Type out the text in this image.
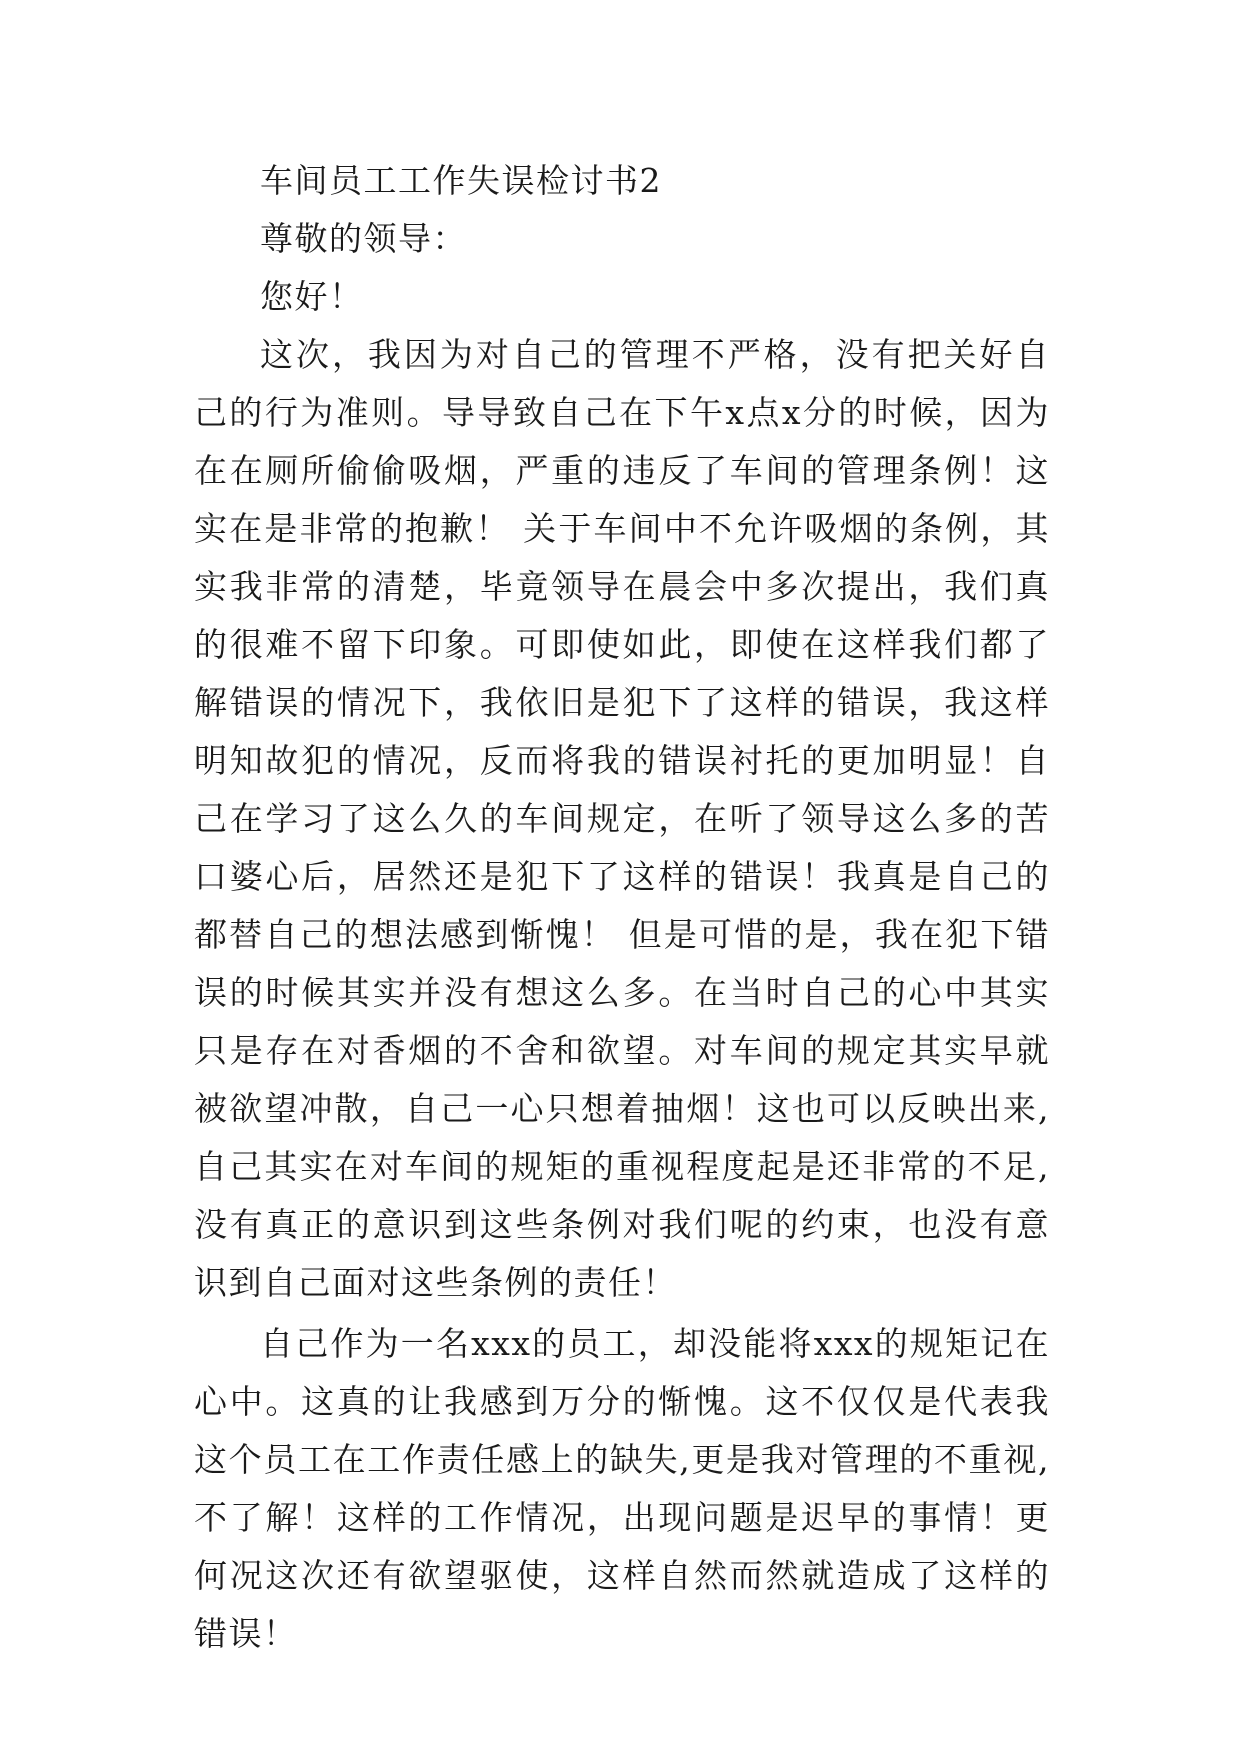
车间员工工作失误检讨书2

尊敬的领导：

您好！

这次，我因为对自己的管理不严格，没有把关好自己的行为准则。导导致自己在下午x点x分的时候，因为在在厕所偷偷吸烟，严重的违反了车间的管理条例！这实在是非常的抱歉！ 关于车间中不允许吸烟的条例，其实我非常的清楚，毕竟领导在晨会中多次提出，我们真的很难不留下印象。可即使如此，即使在这样我们都了解错误的情况下，我依旧是犯下了这样的错误，我这样明知故犯的情况，反而将我的错误衬托的更加明显！自己在学习了这么久的车间规定，在听了领导这么多的苦口婆心后，居然还是犯下了这样的错误！我真是自己的都替自己的想法感到惭愧！ 但是可惜的是，我在犯下错误的时候其实并没有想这么多。在当时自己的心中其实只是存在对香烟的不舍和欲望。对车间的规定其实早就被欲望冲散，自己一心只想着抽烟！这也可以反映出来,自己其实在对车间的规矩的重视程度起是还非常的不足,没有真正的意识到这些条例对我们呢的约束，也没有意识到自己面对这些条例的责任！

自己作为一名xxx的员工，却没能将xxx的规矩记在心中。这真的让我感到万分的惭愧。这不仅仅是代表我这个员工在工作责任感上的缺失,更是我对管理的不重视,不了解！这样的工作情况，出现问题是迟早的事情！更何况这次还有欲望驱使，这样自然而然就造成了这样的错误！
